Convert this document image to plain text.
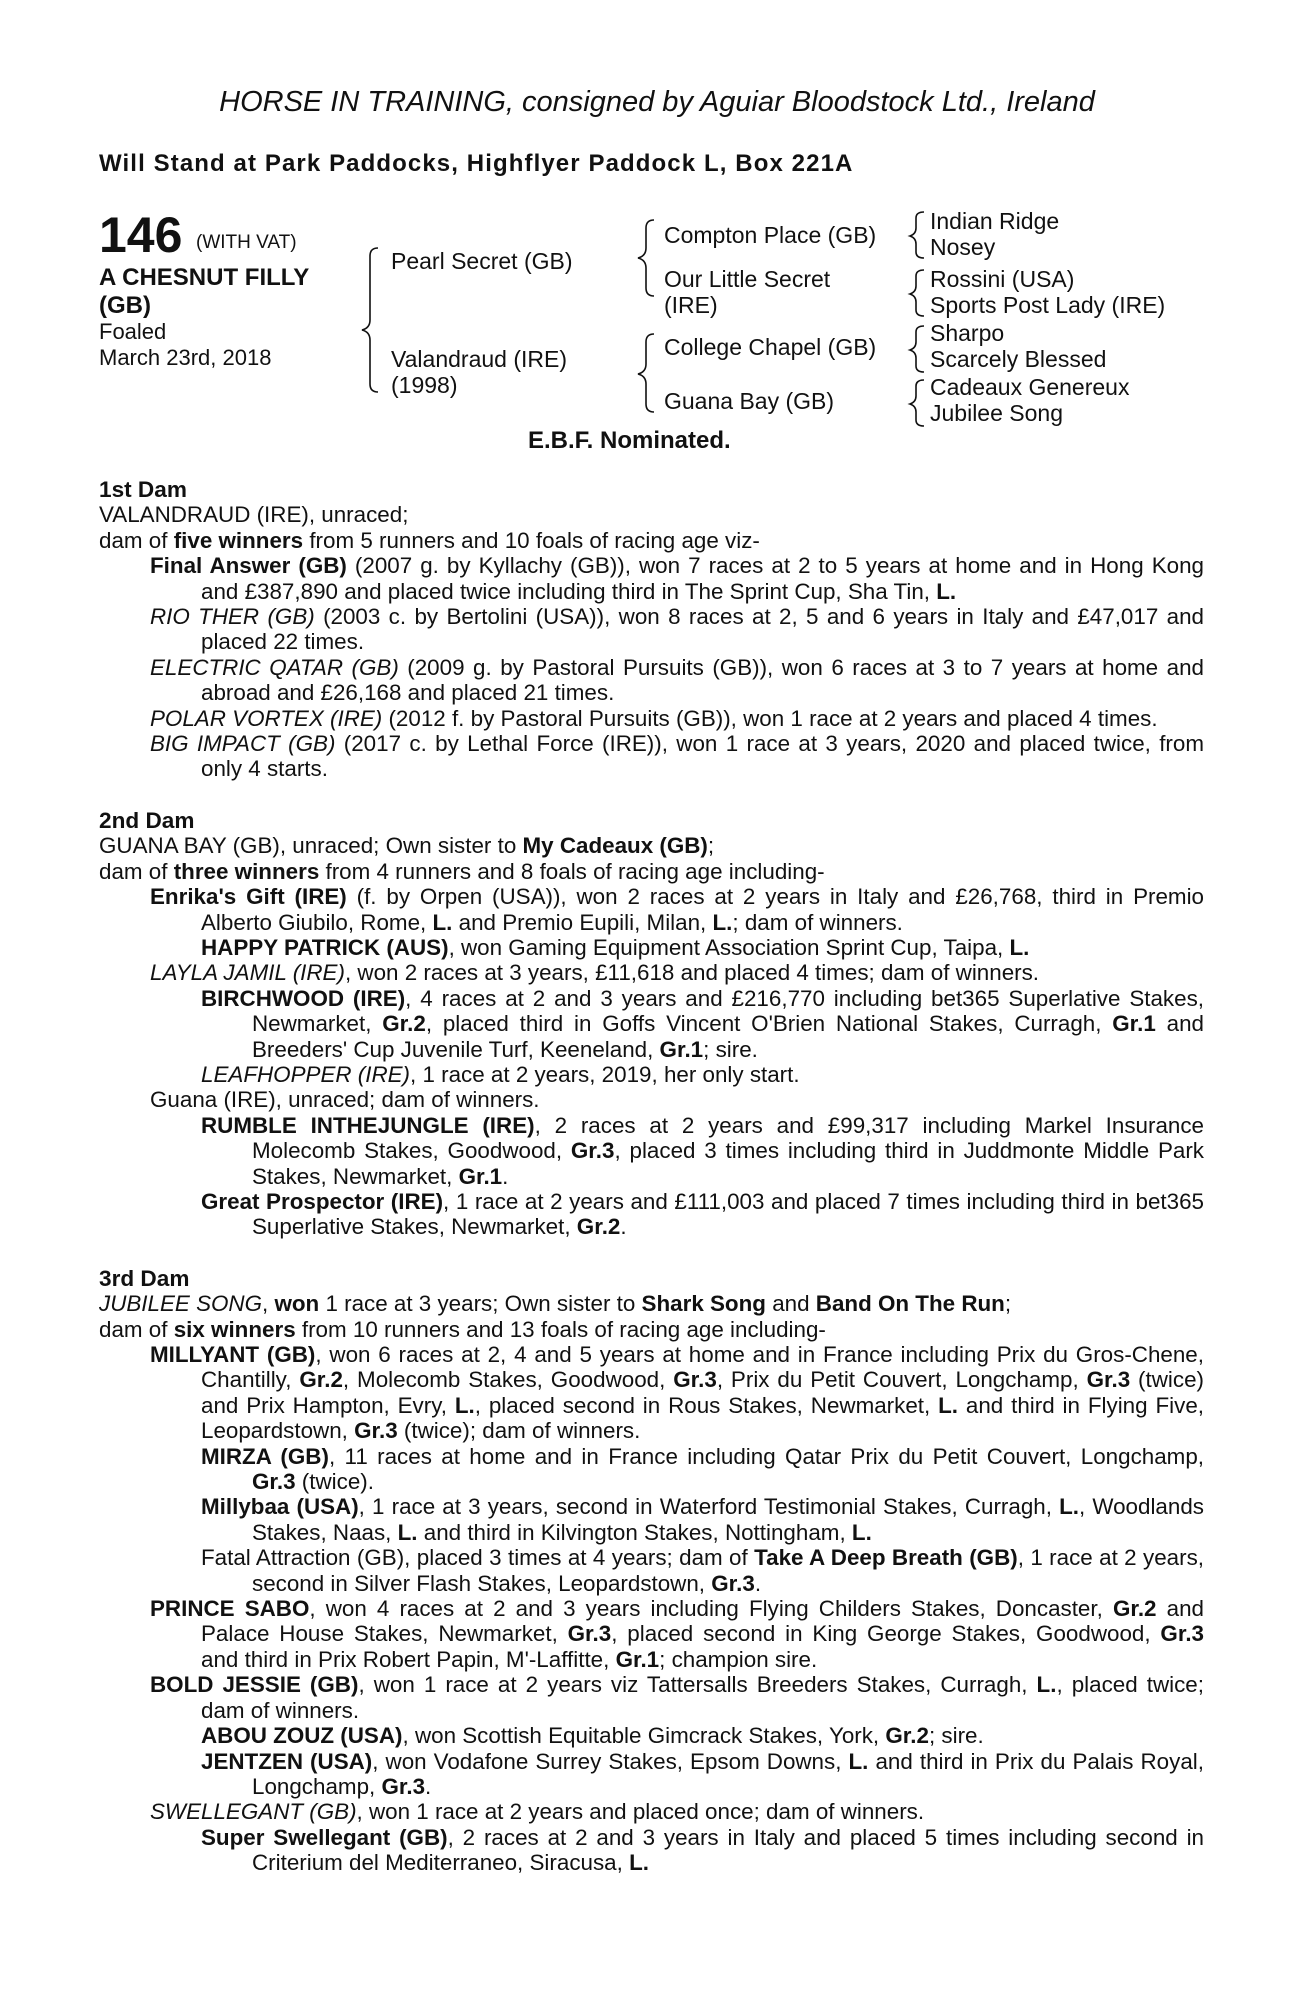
HORSE IN TRAINING, consigned by Aguiar Bloodstock Ltd., Ireland
Will Stand at Park Paddocks, Highflyer Paddock L, Box 221A
146 (WITH VAT)
A CHESNUT FILLY
(GB)
Foaled
March 23rd, 2018
Pearl Secret (GB)
Valandraud (IRE)
(1998)
Compton Place (GB)
Our Little Secret
(IRE)
College Chapel (GB)
Guana Bay (GB)
Indian Ridge
Nosey
Rossini (USA)
Sports Post Lady (IRE)
Sharpo
Scarcely Blessed
Cadeaux Genereux
Jubilee Song
E.B.F. Nominated.

1st Dam

VALANDRAUD (IRE), unraced;

dam of five winners from 5 runners and 10 foals of racing age viz-

Final Answer (GB) (2007 g. by Kyllachy (GB)), won 7 races at 2 to 5 years at home and in Hong Kong and £387,890 and placed twice including third in The Sprint Cup, Sha Tin, L.

RIO THER (GB) (2003 c. by Bertolini (USA)), won 8 races at 2, 5 and 6 years in Italy and £47,017 and placed 22 times.

ELECTRIC QATAR (GB) (2009 g. by Pastoral Pursuits (GB)), won 6 races at 3 to 7 years at home and abroad and £26,168 and placed 21 times.

POLAR VORTEX (IRE) (2012 f. by Pastoral Pursuits (GB)), won 1 race at 2 years and placed 4 times.

BIG IMPACT (GB) (2017 c. by Lethal Force (IRE)), won 1 race at 3 years, 2020 and placed twice, from only 4 starts.

2nd Dam

GUANA BAY (GB), unraced; Own sister to My Cadeaux (GB);

dam of three winners from 4 runners and 8 foals of racing age including-

Enrika's Gift (IRE) (f. by Orpen (USA)), won 2 races at 2 years in Italy and £26,768, third in Premio Alberto Giubilo, Rome, L. and Premio Eupili, Milan, L.; dam of winners.

HAPPY PATRICK (AUS), won Gaming Equipment Association Sprint Cup, Taipa, L.

LAYLA JAMIL (IRE), won 2 races at 3 years, £11,618 and placed 4 times; dam of winners.

BIRCHWOOD (IRE), 4 races at 2 and 3 years and £216,770 including bet365 Superlative Stakes, Newmarket, Gr.2, placed third in Goffs Vincent O'Brien National Stakes, Curragh, Gr.1 and Breeders' Cup Juvenile Turf, Keeneland, Gr.1; sire.

LEAFHOPPER (IRE), 1 race at 2 years, 2019, her only start.

Guana (IRE), unraced; dam of winners.

RUMBLE INTHEJUNGLE (IRE), 2 races at 2 years and £99,317 including Markel Insurance Molecomb Stakes, Goodwood, Gr.3, placed 3 times including third in Juddmonte Middle Park Stakes, Newmarket, Gr.1.

Great Prospector (IRE), 1 race at 2 years and £111,003 and placed 7 times including third in bet365 Superlative Stakes, Newmarket, Gr.2.

3rd Dam

JUBILEE SONG, won 1 race at 3 years; Own sister to Shark Song and Band On The Run;

dam of six winners from 10 runners and 13 foals of racing age including-

MILLYANT (GB), won 6 races at 2, 4 and 5 years at home and in France including Prix du Gros-Chene, Chantilly, Gr.2, Molecomb Stakes, Goodwood, Gr.3, Prix du Petit Couvert, Longchamp, Gr.3 (twice) and Prix Hampton, Evry, L., placed second in Rous Stakes, Newmarket, L. and third in Flying Five, Leopardstown, Gr.3 (twice); dam of winners.

MIRZA (GB), 11 races at home and in France including Qatar Prix du Petit Couvert, Longchamp, Gr.3 (twice).

Millybaa (USA), 1 race at 3 years, second in Waterford Testimonial Stakes, Curragh, L., Woodlands Stakes, Naas, L. and third in Kilvington Stakes, Nottingham, L.

Fatal Attraction (GB), placed 3 times at 4 years; dam of Take A Deep Breath (GB), 1 race at 2 years, second in Silver Flash Stakes, Leopardstown, Gr.3.

PRINCE SABO, won 4 races at 2 and 3 years including Flying Childers Stakes, Doncaster, Gr.2 and Palace House Stakes, Newmarket, Gr.3, placed second in King George Stakes, Goodwood, Gr.3 and third in Prix Robert Papin, M'-Laffitte, Gr.1; champion sire.

BOLD JESSIE (GB), won 1 race at 2 years viz Tattersalls Breeders Stakes, Curragh, L., placed twice; dam of winners.

ABOU ZOUZ (USA), won Scottish Equitable Gimcrack Stakes, York, Gr.2; sire.

JENTZEN (USA), won Vodafone Surrey Stakes, Epsom Downs, L. and third in Prix du Palais Royal, Longchamp, Gr.3.

SWELLEGANT (GB), won 1 race at 2 years and placed once; dam of winners.

Super Swellegant (GB), 2 races at 2 and 3 years in Italy and placed 5 times including second in Criterium del Mediterraneo, Siracusa, L.
